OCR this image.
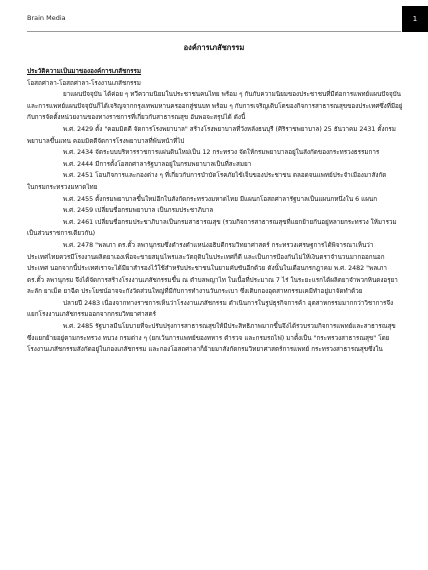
Brain Media	1
องค์การเภสัชกรรม

ประวัติความเป็นมาขององค์การเภสัชกรรม

โอสถศาลา-โอสถศาลา-โรงงานเภสัชกรรม

ยาแผนปัจจุบัน ได้ค่อย ๆ ทวีความนิยมในประชาชนคนไทย พร้อม ๆ กันกับความนิยมของประชาชนที่มีต่อการแพทย์แผนปัจจุบัน และการแพทย์แผนปัจจุบันก็ได้เจริญจากกรุงเทพมหานครออกสู่ชนบท พร้อม ๆ กับการเจริญเติบโตของกิจการสาธารณสุขของประเทศซึ่งที่มีอยู่กับการจัดตั้งหน่วยงานของทางราชการที่เกี่ยวกับสาธารณสุข อันพอจะสรุปได้ ดังนี้

พ.ศ. 2429 ตั้ง "คอมมิตตี จัดการโรงพยาบาล" สร้างโรงพยาบาลที่วังหลังธนบุรี (ศิริราชพยาบาล) 25 ธันวาคม 2431 ตั้งกรมพยาบาลขึ้นแทน คอมมิตตีจัดการโรงพยาบาลที่พ้นหน้าที่ไป

พ.ศ. 2434 จัดระบบบริหารราชการแผ่นดินใหม่เป็น 12 กระทรวง จัดให้กรมพยาบาลอยู่ในสังกัดของกระทรวงธรรมการ

พ.ศ. 2444 มีการตั้งโอสถศาลารัฐบาลอยู่ในกรมพยาบาลเป็นที่สะสมยา

พ.ศ. 2451 โอนกิจการและกองต่าง ๆ ที่เกี่ยวกับการบำบัดโรคภัยไข้เจ็บของประชาชน ตลอดจนแพทย์ประจำเมืองมาสังกัดในกรมกระทรวงมหาดไทย

พ.ศ. 2455 ตั้งกรมพยาบาลขึ้นใหม่อีกในสังกัดกระทรวงมหาดไทย มีแผนกโอสถศาลารัฐบาลเป็นแผนกหนึ่งใน 6 แผนก

พ.ศ. 2459 เปลี่ยนชื่อกรมพยาบาล เป็นกรมประชาภิบาล

พ.ศ. 2461 เปลี่ยนชื่อกรมประชาภิบาลเป็นกรมสาธารณสุข (รวมกิจการสาธารณสุขที่แยกย้ายกันอยู่หลายกระทรวง ให้มารวมเป็นส่วนราชการเดียวกัน)

พ.ศ. 2478 "พลเภา ดร.ตั้ว ลพานุกรมซึ่งดำรงตำแหน่งอธิบดีกรมวิทยาศาสตร์ กระทรวงเศรษฐการได้พิจารณาเห็นว่าประเทศไทยควรมีโรงงานผลิตยาเองเพื่อจะขายสมุนไพรและวัตถุดิบในประเทศก็ดี และเป็นการป้องกันไม่ให้เงินตราจำนวนมากออกนอกประเทศ นอกจากนี้ประเทศเราจะได้มียาสำรองไว้ใช้สำหรับประชาชนในยามคับขันอีกด้วย ดังนั้นในเดือนกรกฎาคม พ.ศ. 2482 "พลเภา ดร.ตั้ว ลพานุกรม จึงได้จัดการสร้างโรงงานเภสัชกรรมขึ้น ณ ตำบลพญาไท ในเนื้อที่ประมาณ 7 ไร่ ในระยะแรกได้ผลิตยาจำพวกหินดงอรุยาละลัก ยาเม็ด ยาฉีด ประโยชน์อาจจะกังวัดส่วนใหญ่ที่มีกับการทำงานวันกระเบา ซึ่งเติบกองอุตสาหกรรมเคมีทำอยู่มาจัดทำด้วย

ปลายปี 2483 เนื่องจากทางราชการเห็นว่าโรงงานเภสัชกรรม ดำเนินการในรูปธุรกิจการค้า อุตสาหกรรมมากกว่าวิชาการจึงแยกโรงงานเภสัชกรรมออกจากกรมวิทยาศาสตร์

พ.ศ. 2485 รัฐบาลมีนโยบายที่จะปรับปรุงการสาธารณสุขให้มีประสิทธิภาพมากขึ้นจึงได้รวบรวมกิจการแพทย์และสาธารณสุข ซึ่งแยกย้ายอยู่ตามกระทรวง ทบวง กรมต่าง ๆ (ยกเว้นการแพทย์ของทหาร ตำรวจ และกรมรถไฟ) มาตั้งเป็น "กระทรวงสาธารณสุข" โดยโรงงานเภสัชกรรมสังกัดอยู่ในกองเภสัชกรรม และกองโอสถศาลาก็ย้ายมาสังกัดกรมวิทยาศาสตร์การแพทย์ กระทรวงสาธารณสุขซึ่งใน
